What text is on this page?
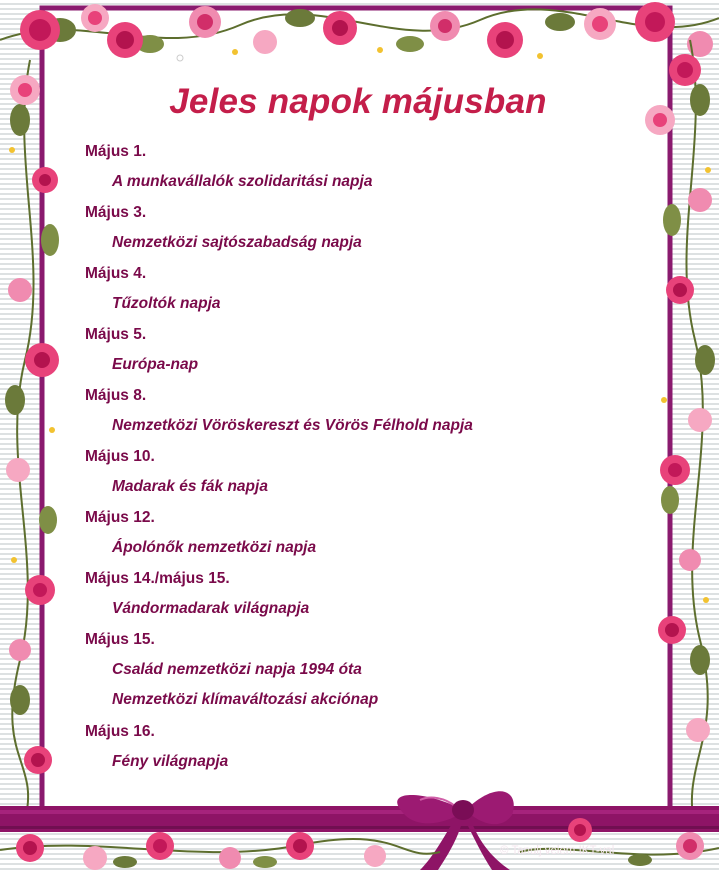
Jeles napok májusban
Május 1.
A munkavállalók szolidaritási napja
Május 3.
Nemzetközi sajtószabadság napja
Május 4.
Tűzoltók napja
Május 5.
Európa-nap
Május 8.
Nemzetközi Vöröskereszt és Vörös Félhold napja
Május 10.
Madarak és fák napja
Május 12.
Ápolónők nemzetközi napja
Május 14./május 15.
Vándormadarak világnapja
Május 15.
Család nemzetközi napja 1994 óta
Nemzetközi klímaváltozási akciónap
Május 16.
Fény világnapja
© Tanulj velem IKT-val
